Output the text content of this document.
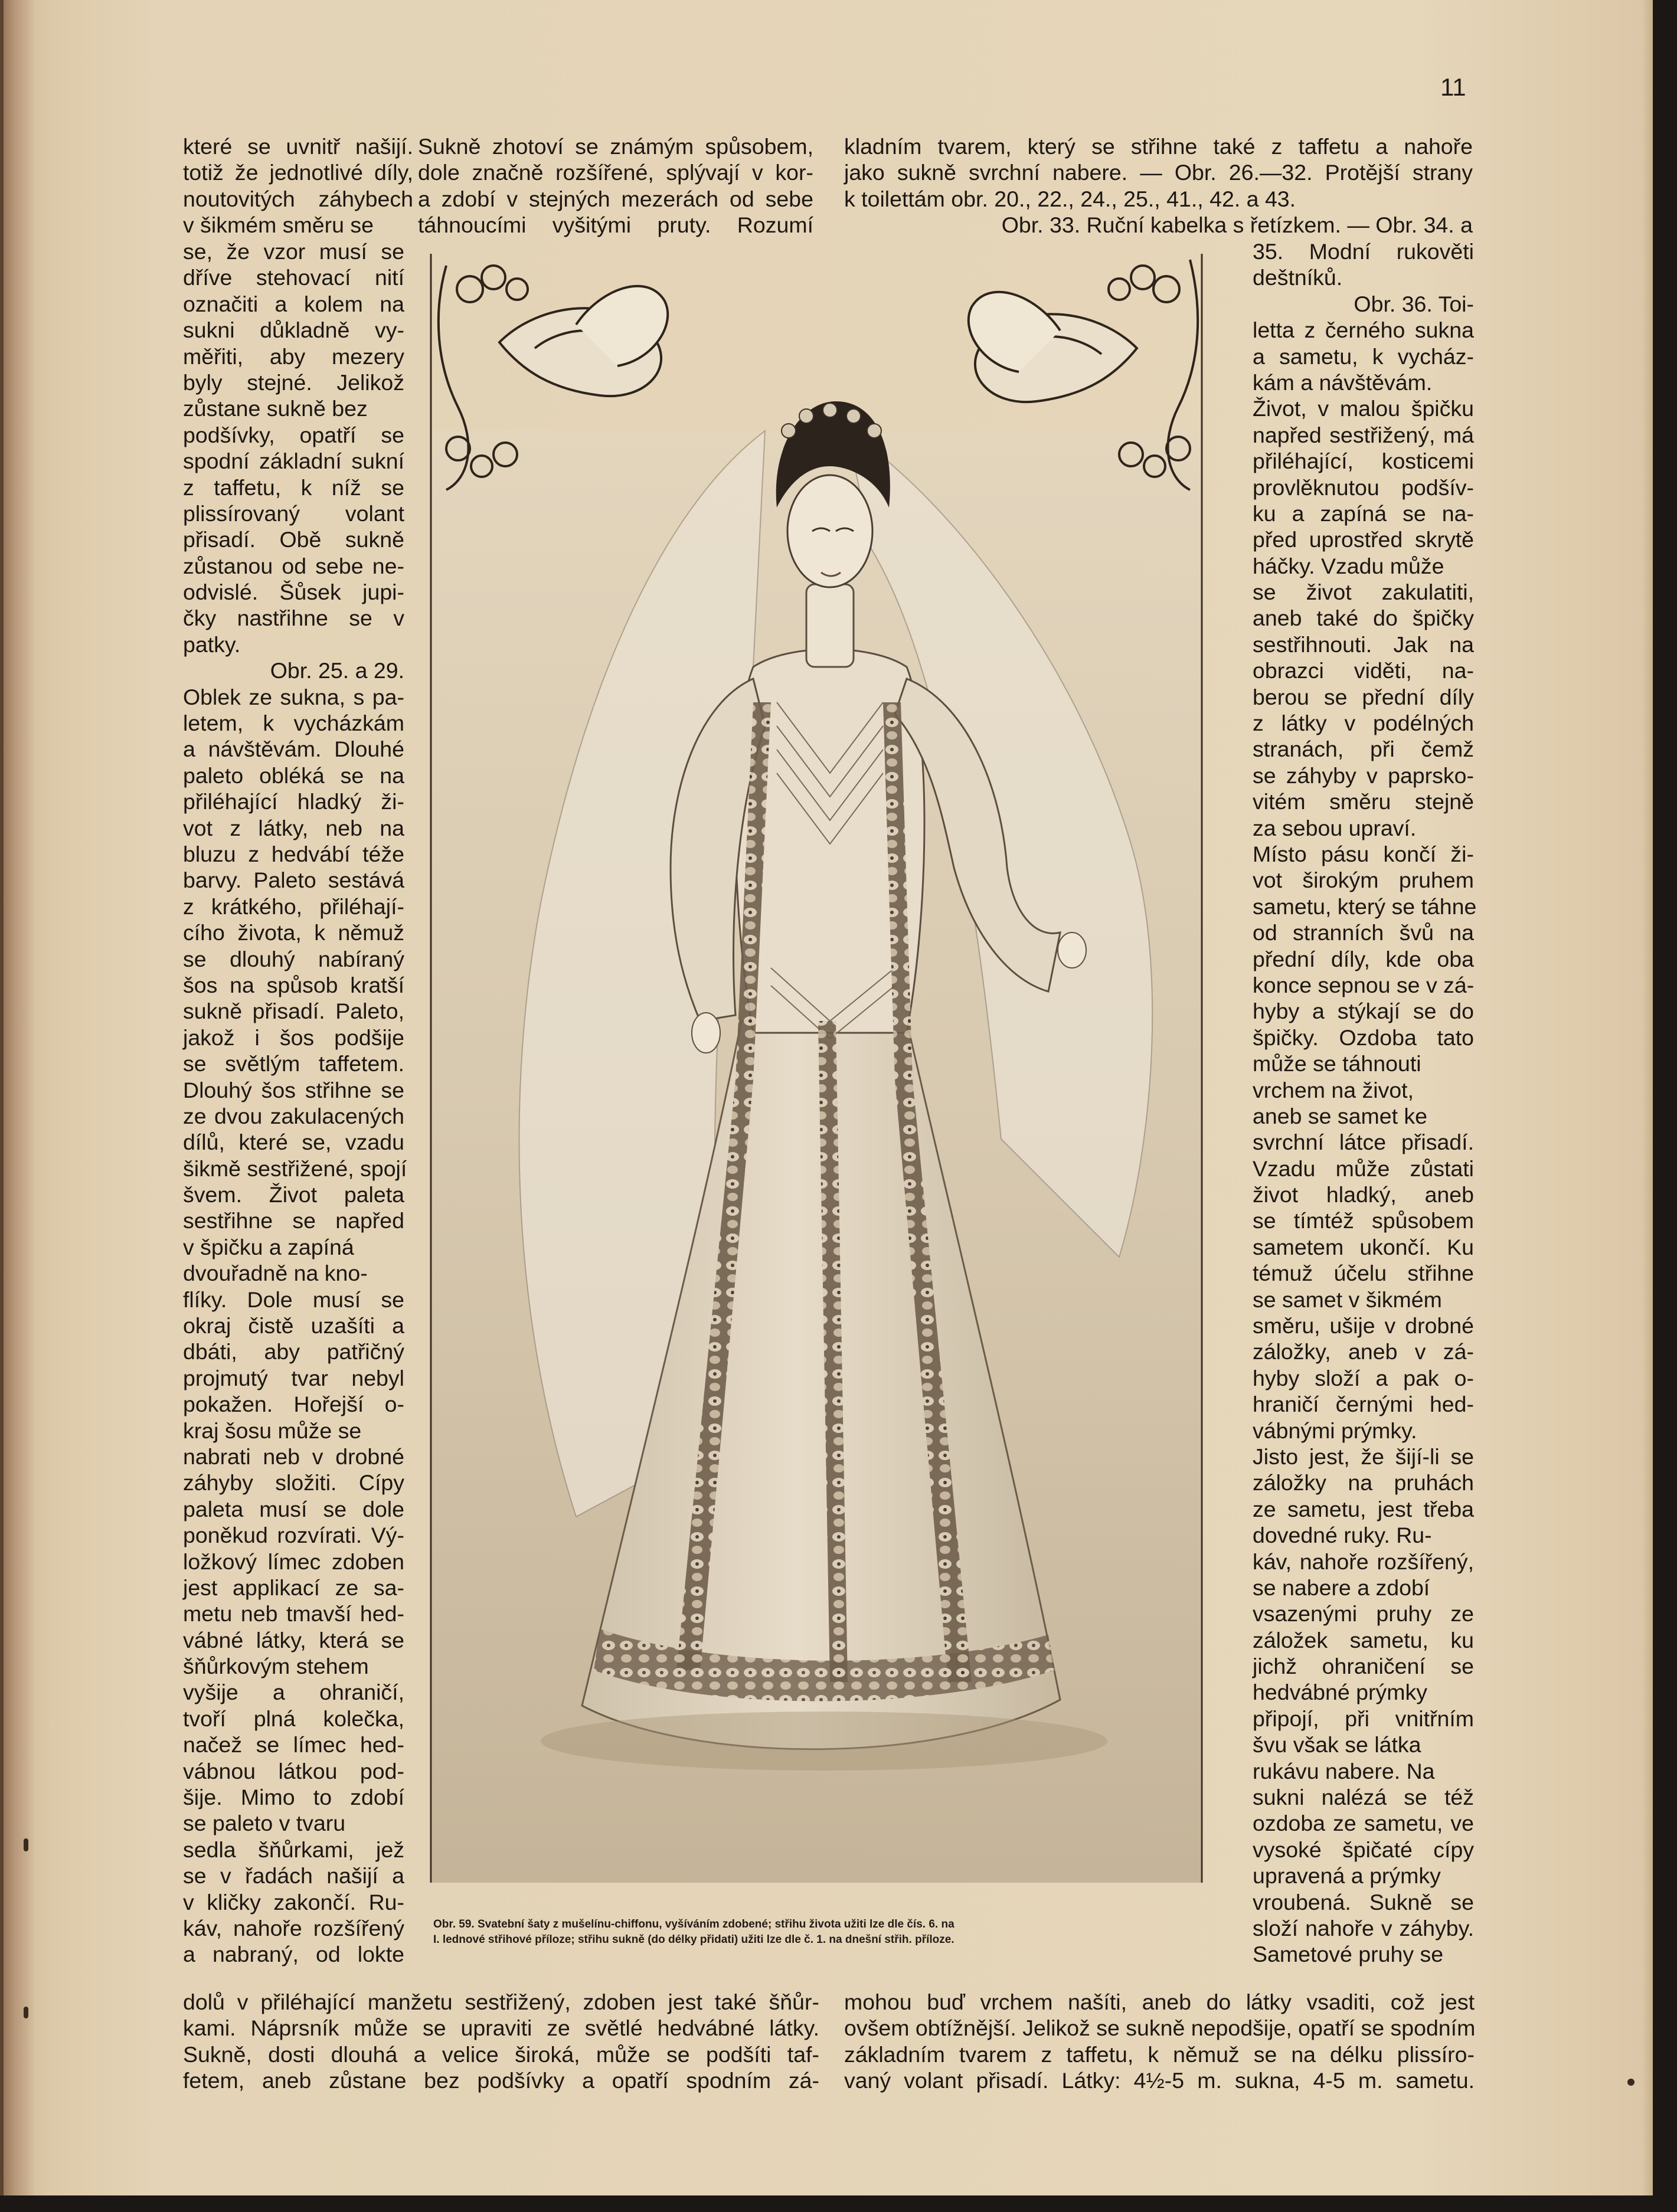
11
které se uvnitř našijí.
totiž že jednotlivé díly,
noutovitých záhybech
v šikmém směru se
Sukně zhotoví se známým spůsobem,
dole značně rozšířené, splývají v kor-
a zdobí v stejných mezerách od sebe
táhnoucími vyšitými pruty. Rozumí
se, že vzor musí se
dříve stehovací nití
označiti a kolem na
sukni důkladně vy-
měřiti, aby mezery
byly stejné. Jelikož
zůstane sukně bez
podšívky, opatří se
spodní základní sukní
z taffetu, k níž se
plissírovaný volant
přisadí. Obě sukně
zůstanou od sebe ne-
odvislé. Šůsek jupi-
čky nastřihne se v
patky.
Obr. 25. a 29.
Oblek ze sukna, s pa-
letem, k vycházkám
a návštěvám. Dlouhé
paleto obléká se na
přiléhající hladký ži-
vot z látky, neb na
bluzu z hedvábí téže
barvy. Paleto sestává
z krátkého, přiléhají-
cího života, k němuž
se dlouhý nabíraný
šos na spůsob kratší
sukně přisadí. Paleto,
jakož i šos podšije
se světlým taffetem.
Dlouhý šos střihne se
ze dvou zakulacených
dílů, které se, vzadu
šikmě sestřižené, spojí
švem. Život paleta
sestřihne se napřed
v špičku a zapíná
dvouřadně na kno-
flíky. Dole musí se
okraj čistě uzašíti a
dbáti, aby patřičný
projmutý tvar nebyl
pokažen. Hořejší o-
kraj šosu může se
nabrati neb v drobné
záhyby složiti. Cípy
paleta musí se dole
poněkud rozvírati. Vý-
ložkový límec zdoben
jest applikací ze sa-
metu neb tmavší hed-
vábné látky, která se
šňůrkovým stehem
vyšije a ohraničí,
tvoří plná kolečka,
načež se límec hed-
vábnou látkou pod-
šije. Mimo to zdobí
se paleto v tvaru
sedla šňůrkami, jež
se v řadách našijí a
v kličky zakončí. Ru-
káv, nahoře rozšířený
a nabraný, od lokte
kladním tvarem, který se střihne také z taffetu a nahoře
jako sukně svrchní nabere. — Obr. 26.—32. Protější strany
k toilettám obr. 20., 22., 24., 25., 41., 42. a 43.
Obr. 33. Ruční kabelka s řetízkem. — Obr. 34. a
35. Modní rukověti
deštníků.
Obr. 36. Toi-
letta z černého sukna
a sametu, k vycház-
kám a návštěvám.
Život, v malou špičku
napřed sestřižený, má
přiléhající, kosticemi
provlěknutou podšív-
ku a zapíná se na-
před uprostřed skrytě
háčky. Vzadu může
se život zakulatiti,
aneb také do špičky
sestřihnouti. Jak na
obrazci viděti, na-
berou se přední díly
z látky v podélných
stranách, při čemž
se záhyby v paprsko-
vitém směru stejně
za sebou upraví.
Místo pásu končí ži-
vot širokým pruhem
sametu, který se táhne
od stranních švů na
přední díly, kde oba
konce sepnou se v zá-
hyby a stýkají se do
špičky. Ozdoba tato
může se táhnouti
vrchem na život,
aneb se samet ke
svrchní látce přisadí.
Vzadu může zůstati
život hladký, aneb
se tímtéž spůsobem
sametem ukončí. Ku
témuž účelu střihne
se samet v šikmém
směru, ušije v drobné
záložky, aneb v zá-
hyby složí a pak o-
hraničí černými hed-
vábnými prýmky.
Jisto jest, že šijí-li se
záložky na pruhách
ze sametu, jest třeba
dovedné ruky. Ru-
káv, nahoře rozšířený,
se nabere a zdobí
vsazenými pruhy ze
záložek sametu, ku
jichž ohraničení se
hedvábné prýmky
připojí, při vnitřním
švu však se látka
rukávu nabere. Na
sukni nalézá se též
ozdoba ze sametu, ve
vysoké špičaté cípy
upravená a prýmky
vroubená. Sukně se
složí nahoře v záhyby.
Sametové pruhy se
Obr. 59. Svatební šaty z mušelínu-chiffonu, vyšíváním zdobené; střihu života užiti lze dle čís. 6. na
I. lednové střihové příloze; střihu sukně (do délky přidati) užiti lze dle č. 1. na dnešní střih. příloze.
dolů v přiléhající manžetu sestřižený, zdoben jest také šňůr-
kami. Náprsník může se upraviti ze světlé hedvábné látky.
Sukně, dosti dlouhá a velice široká, může se podšíti taf-
fetem, aneb zůstane bez podšívky a opatří spodním zá-
mohou buď vrchem našíti, aneb do látky vsaditi, což jest
ovšem obtížnější. Jelikož se sukně nepodšije, opatří se spodním
základním tvarem z taffetu, k němuž se na délku plissíro-
vaný volant přisadí. Látky: 4½-5 m. sukna, 4-5 m. sametu.
